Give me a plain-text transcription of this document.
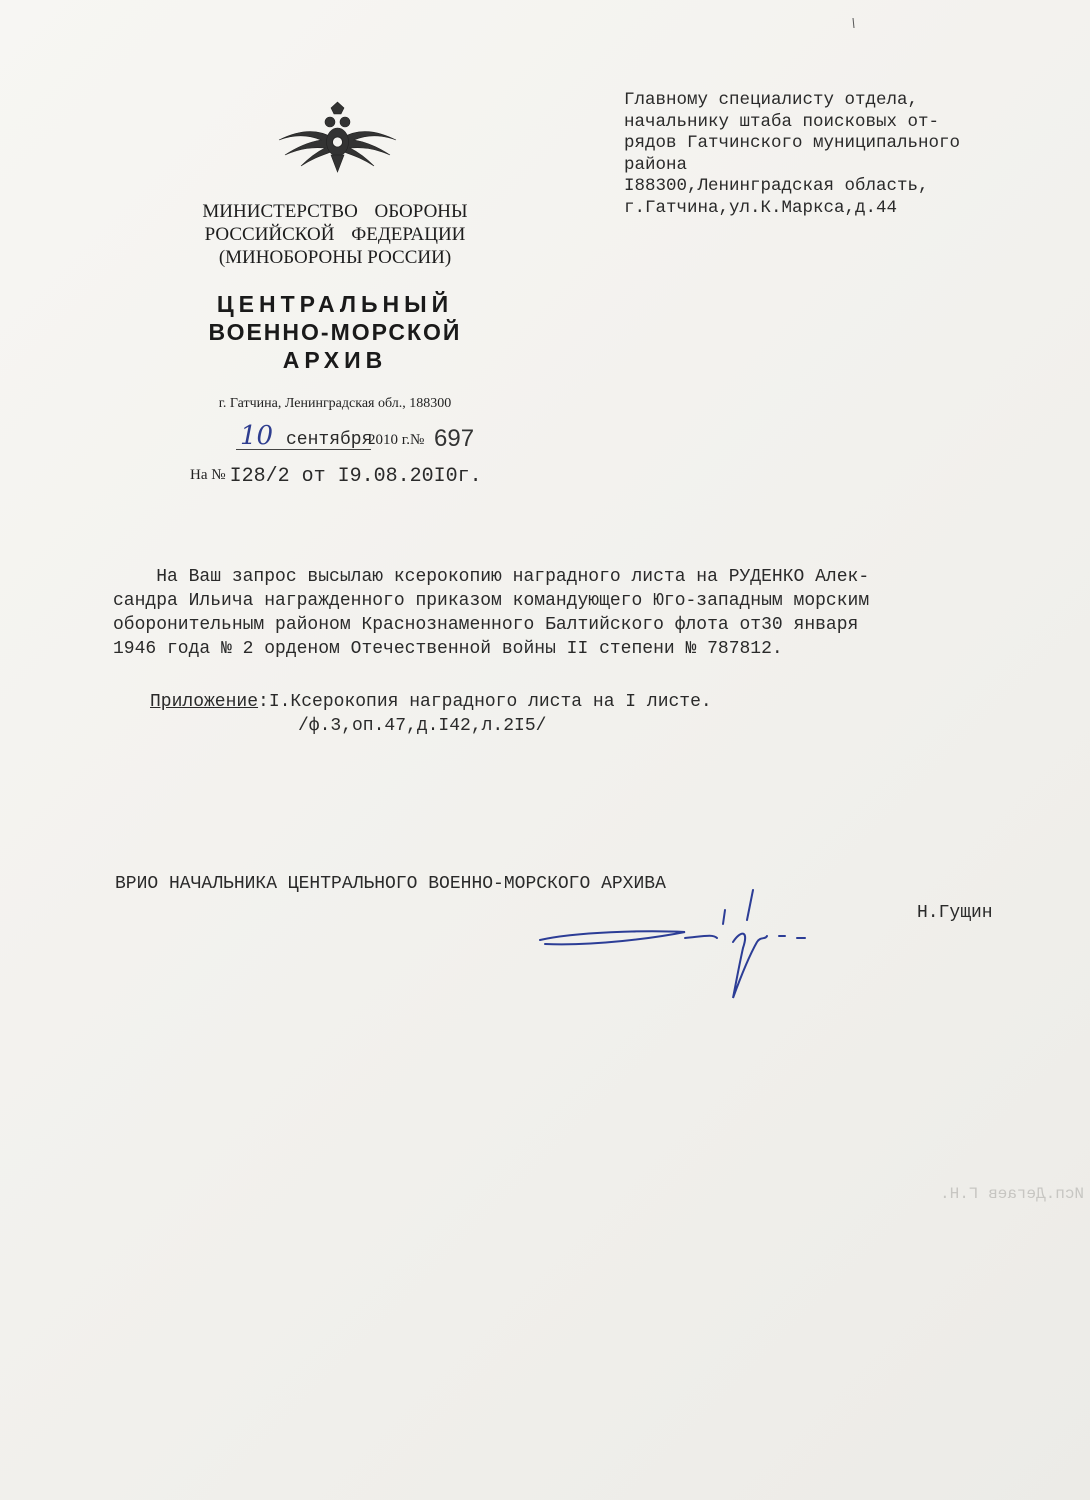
МИНИСТЕРСТВО ОБОРОНЫ
РОССИЙСКОЙ ФЕДЕРАЦИИ
(МИНОБОРОНЫ РОССИИ)
ЦЕНТРАЛЬНЫЙ
ВОЕННО-МОРСКОЙ
АРХИВ
г. Гатчина, Ленинградская обл., 188300
10 сентября
2010 г. № 697
На № I28/2 от I9.08.20I0г.
Главному специалисту отдела,
начальнику штаба поисковых от-
рядов Гатчинского муниципального
района
I88300,Ленинградская область,
г.Гатчина,ул.К.Маркса,д.44
На Ваш запрос высылаю ксерокопию наградного листа на РУДЕНКО Алек-
сандра Ильича награжденного приказом командующего Юго-западным морским
оборонительным районом Краснознаменного Балтийского флота от30 января
1946 года № 2 орденом Отечественной войны II степени № 787812.
Приложение:I.Ксерокопия наградного листа на I листе.
/ф.3,оп.47,д.I42,л.2I5/
ВРИО НАЧАЛЬНИКА ЦЕНТРАЛЬНОГО ВОЕННО-МОРСКОГО АРХИВА
Н.Гущин
Исп.Дегаев Г.Н.
